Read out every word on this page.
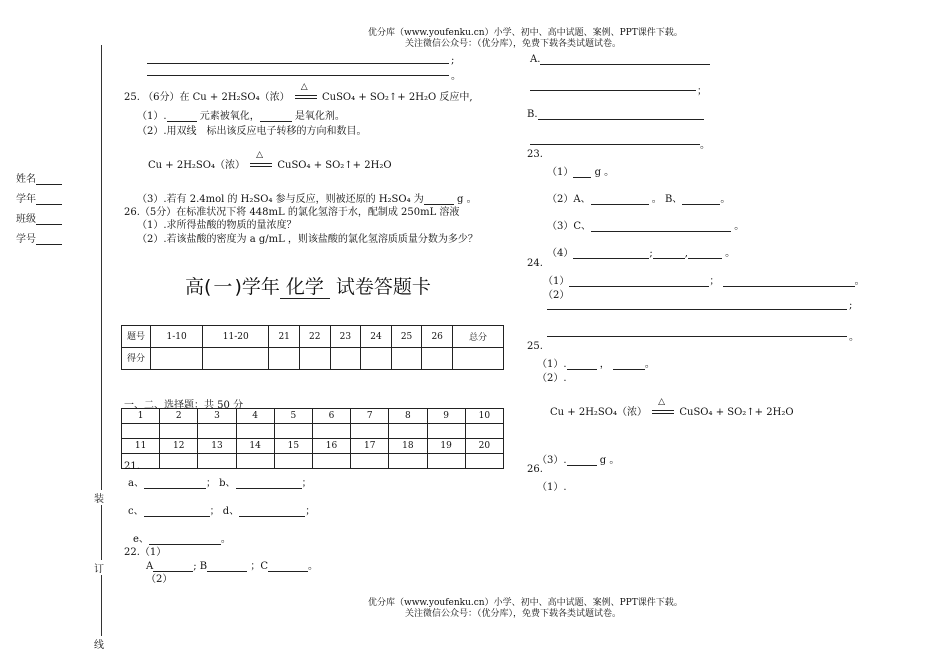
优分库（www.youfenku.cn）小学、初中、高中试题、案例、PPT课件下载。
关注微信公众号：（优分库），免费下载各类试题试卷。
优分库（www.youfenku.cn）小学、初中、高中试题、案例、PPT课件下载。
关注微信公众号：（优分库），免费下载各类试题试卷。
装
订
线
姓名
学年
班级
学号
;
。
25. （6分）在 Cu + 2H₂SO₄（浓）
△
CuSO₄ + SO₂↑+ 2H₂O 反应中,
（1）.	元素被氧化，	是氧化剂。
（2）.用双线　标出该反应电子转移的方向和数目。
Cu + 2H₂SO₄（浓）
△
CuSO₄ + SO₂↑+ 2H₂O
（3）.若有 2.4mol 的 H₂SO₄ 参与反应，则被还原的 H₂SO₄ 为	g 。
26.（5分）在标准状况下将 448mL 的氯化氢溶于水，配制成 250mL 溶液
（1）.求所得盐酸的物质的量浓度？
（2）.若该盐酸的密度为 a g/mL ，则该盐酸的氯化氢溶质质量分数为多少？
高( 一 )学年 化学 试卷答题卡
题号	1-10	11-20	21	22	23	24	25	26	总分
得分									
一、二、选择题：共 50 分
1	2	3	4	5	6	7	8	9	10

11	12	13	14	15	16	17	18	19	20

21.
a、	； b、	；
c、	； d、	；
e、	。
22.（1）
A	; B	；C	。
（2）
A.
；
B.
。
23.
（1） g 。
（2）A、	。 B、	。
（3）C、	。
（4）	;	,	。
24.
（1）	；	。
（2）
;
。
25.
（1）.	，	。
（2）.
Cu + 2H₂SO₄（浓）
△
CuSO₄ + SO₂↑+ 2H₂O
（3）.	g 。
26.
（1）.
